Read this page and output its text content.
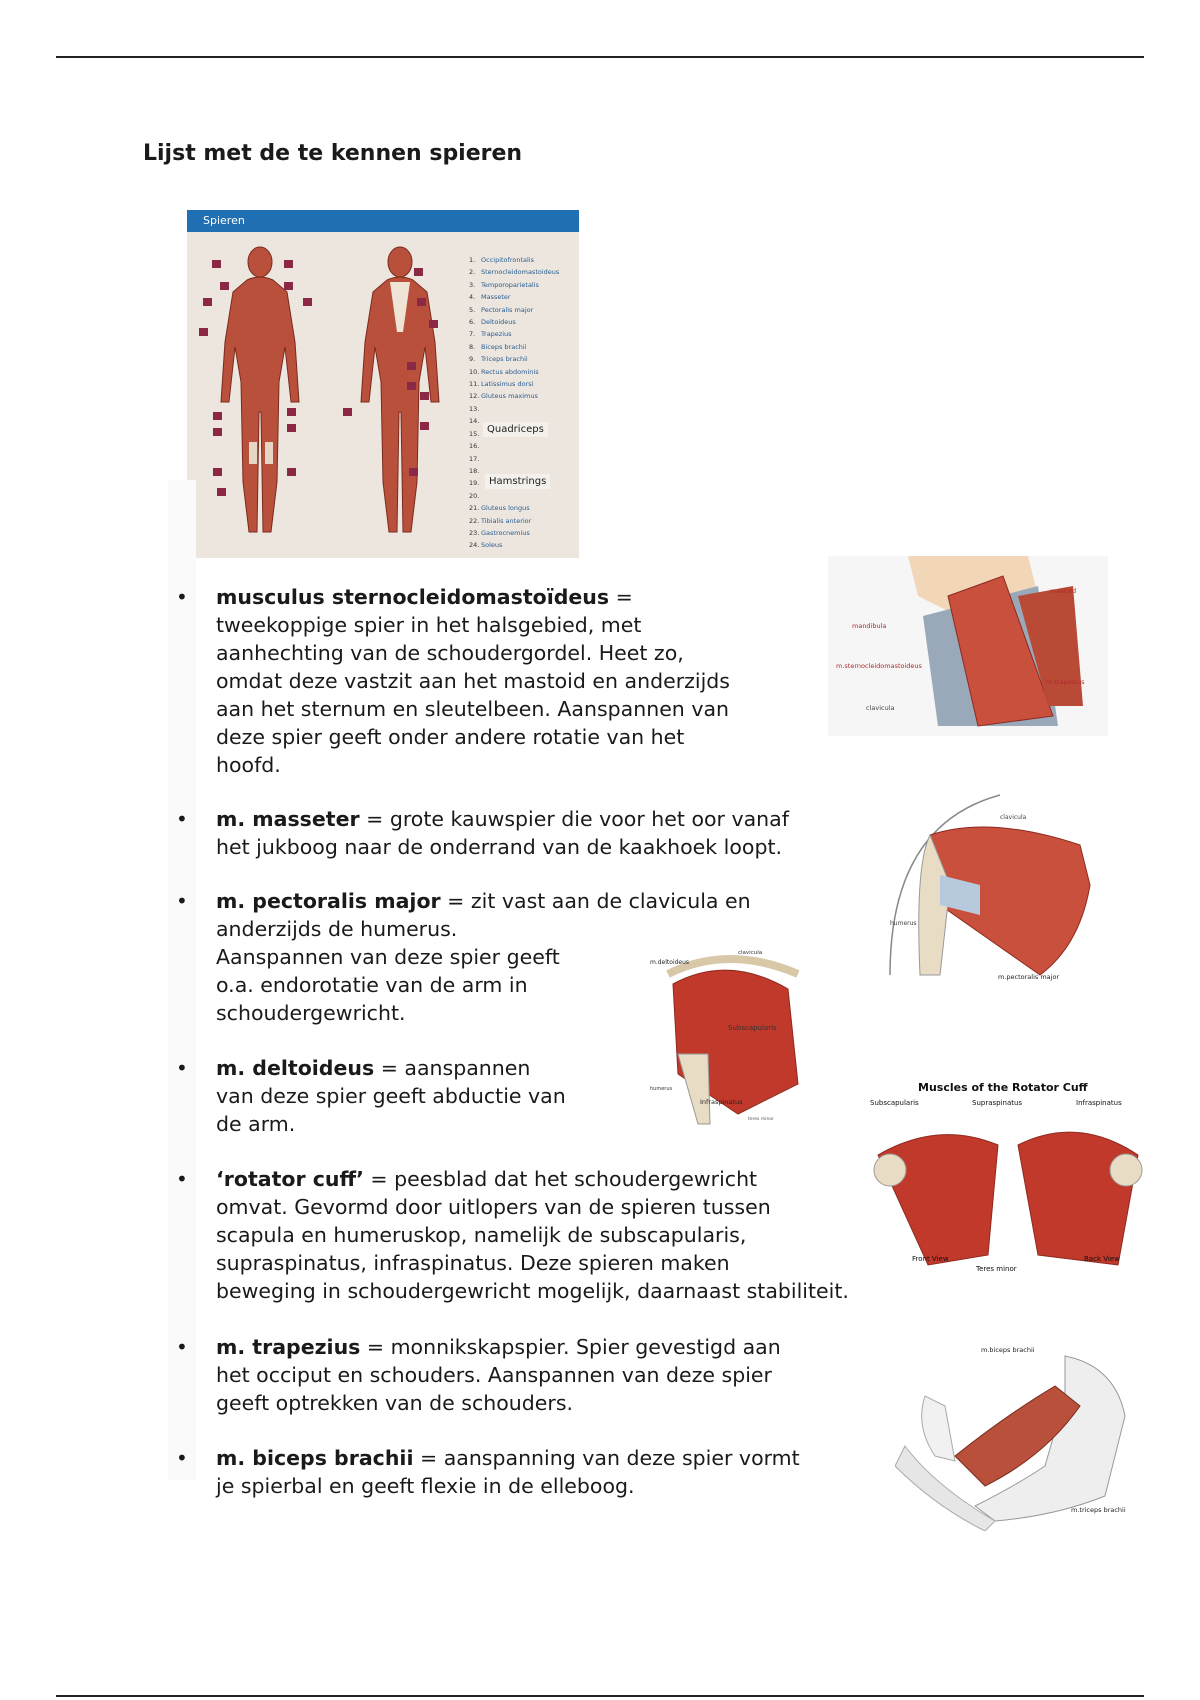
Lijst met de te kennen spieren
Spieren
1. Occipitofrontalis
2. Sternocleidomastoideus
3. Temporoparietalis
4. Masseter
5. Pectoralis major
6. Deltoideus
7. Trapezius
8. Biceps brachii
9. Triceps brachii
10. Rectus abdominis
11. Latissimus dorsi
12. Gluteus maximus
13.
14.
15.
16.
17.
18.
19.
20.
21. Gluteus longus
22. Tibialis anterior
23. Gastrocnemius
24. Soleus
Quadriceps
Hamstrings
• musculus sternocleidomastoïdeus =
tweekoppige spier in het halsgebied, met
aanhechting van de schoudergordel. Heet zo,
omdat deze vastzit aan het mastoid en anderzijds
aan het sternum en sleutelbeen. Aanspannen van
deze spier geeft onder andere rotatie van het
hoofd.
• m. masseter = grote kauwspier die voor het oor vanaf
het jukboog naar de onderrand van de kaakhoek loopt.
• m. pectoralis major = zit vast aan de clavicula en
anderzijds de humerus.
Aanspannen van deze spier geeft
o.a. endorotatie van de arm in
schoudergewricht.
• m. deltoideus = aanspannen
van deze spier geeft abductie van
de arm.
• ‘rotator cuff’ = peesblad dat het schoudergewricht
omvat. Gevormd door uitlopers van de spieren tussen
scapula en humeruskop, namelijk de subscapularis,
supraspinatus, infraspinatus. Deze spieren maken
beweging in schoudergewricht mogelijk, daarnaast stabiliteit.
• m. trapezius = monnikskapspier. Spier gevestigd aan
het occiput en schouders. Aanspannen van deze spier
geeft optrekken van de schouders.
• m. biceps brachii = aanspanning van deze spier vormt
je spierbal en geeft flexie in de elleboog.
mastoid
mandibula
m.sternocleidomastoideus
m.trapezius
clavicula
clavicula
humerus
m.pectoralis major
m.deltoideus
clavicula
Subscapularis
humerus
Infraspinatus
teres minor
Muscles of the Rotator Cuff
Subscapularis	Supraspinatus	Infraspinatus
Front View
Teres minor
Back View
m.biceps brachii
m.triceps brachii
